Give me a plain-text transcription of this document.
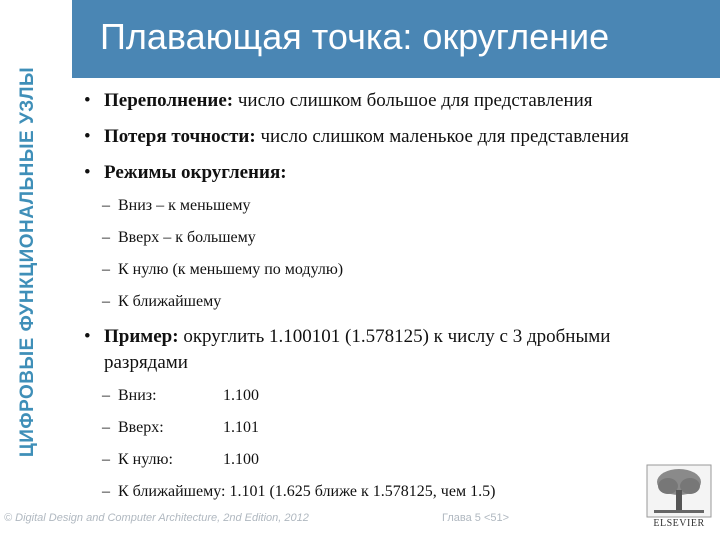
ЦИФРОВЫЕ ФУНКЦИОНАЛЬНЫЕ УЗЛЫ
Плавающая точка: округление
• Переполнение: число слишком большое для представления
• Потеря точности: число слишком маленькое для представления
• Режимы округления:
– Вниз – к меньшему
– Вверх – к большему
– К нулю (к меньшему по модулю)
– К ближайшему
• Пример: округлить 1.100101 (1.578125) к числу с 3 дробными разрядами
– Вниз:	1.100
– Вверх:	1.101
– К нулю:	1.100
– К ближайшему: 1.101 (1.625 ближе к 1.578125, чем 1.5)
© Digital Design and Computer Architecture, 2nd Edition, 2012	Глава 5 <51>	ELSEVIER
